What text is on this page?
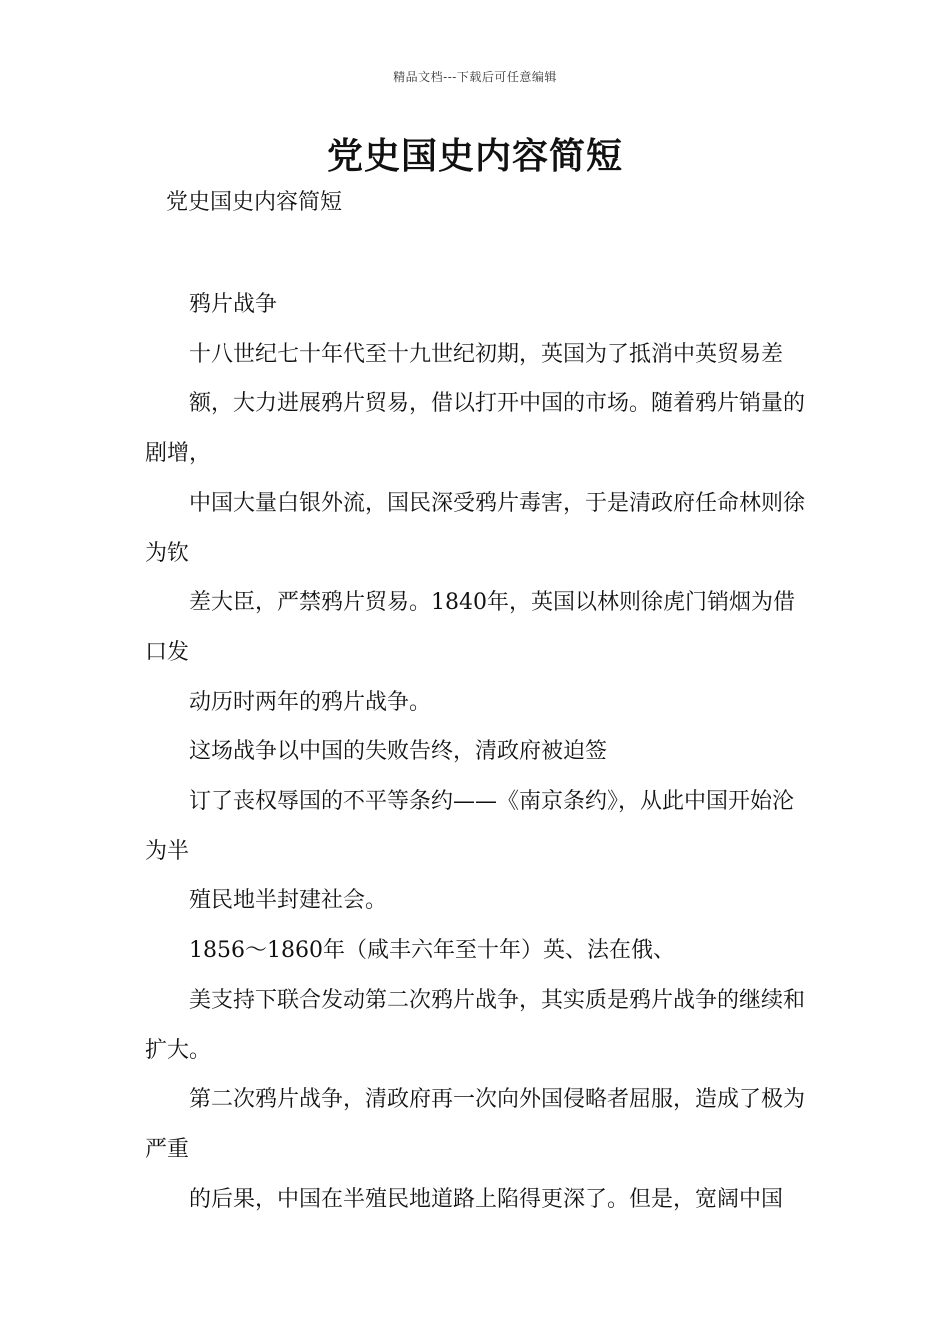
精品文档---下载后可任意编辑
党史国史内容简短
党史国史内容简短

鸦片战争

十八世纪七十年代至十九世纪初期，英国为了抵消中英贸易差

额，大力进展鸦片贸易，借以打开中国的市场。随着鸦片销量的剧增，

中国大量白银外流，国民深受鸦片毒害，于是清政府任命林则徐为钦

差大臣，严禁鸦片贸易。1840年，英国以林则徐虎门销烟为借口发

动历时两年的鸦片战争。

这场战争以中国的失败告终，清政府被迫签

订了丧权辱国的不平等条约——《南京条约》，从此中国开始沦为半

殖民地半封建社会。

1856～1860年（咸丰六年至十年）英、法在俄、

美支持下联合发动第二次鸦片战争，其实质是鸦片战争的继续和扩大。

第二次鸦片战争，清政府再一次向外国侵略者屈服，造成了极为严重

的后果，中国在半殖民地道路上陷得更深了。但是，宽阔中国
